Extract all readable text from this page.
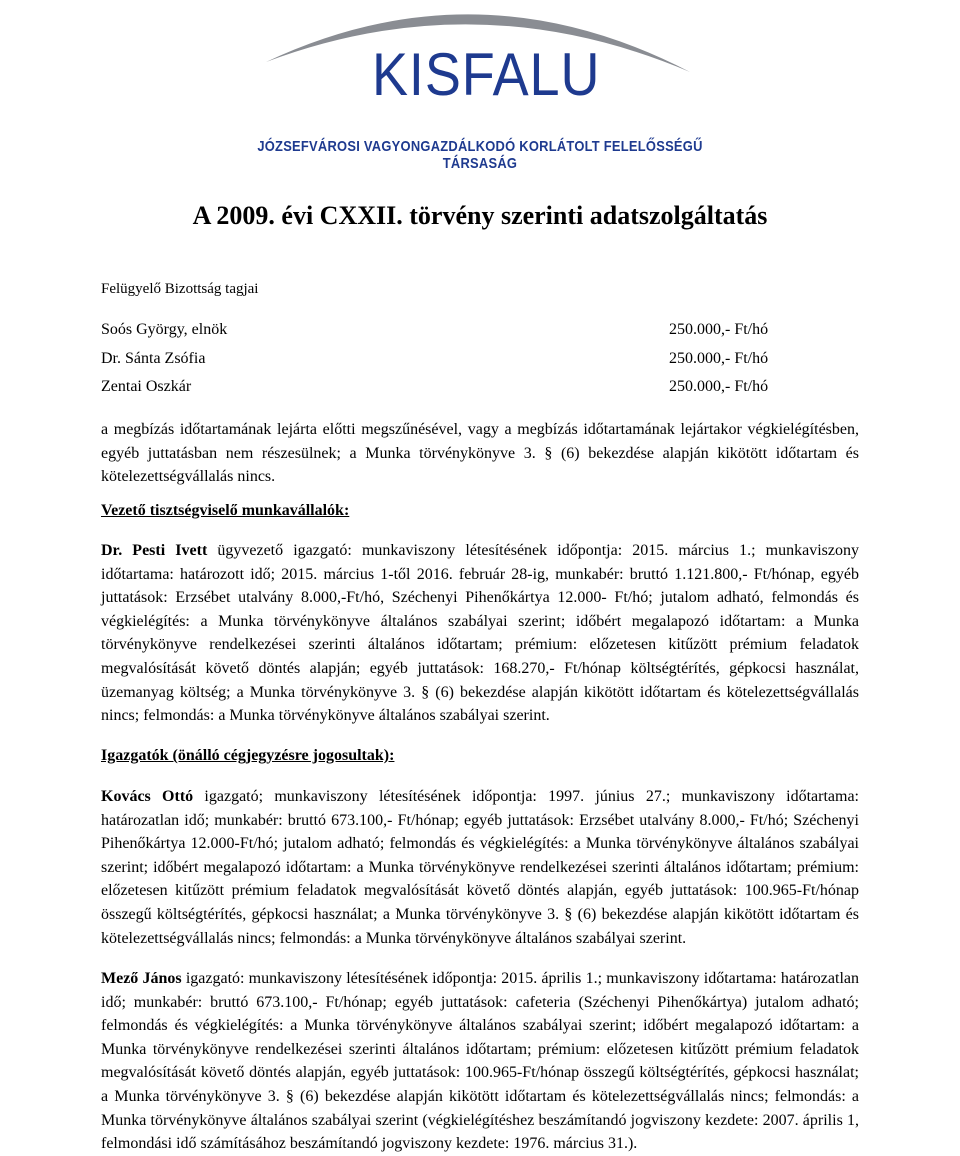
KISFALU
JÓZSEFVÁROSI VAGYONGAZDÁLKODÓ KORLÁTOLT FELELŐSSÉGŰ TÁRSASÁG
A 2009. évi CXXII. törvény szerinti adatszolgáltatás
Felügyelő Bizottság tagjai
Soós György, elnök	250.000,- Ft/hó
Dr. Sánta Zsófia	250.000,- Ft/hó
Zentai Oszkár	250.000,- Ft/hó
a megbízás időtartamának lejárta előtti megszűnésével, vagy a megbízás időtartamának lejártakor végkielégítésben, egyéb juttatásban nem részesülnek; a Munka törvénykönyve 3. § (6) bekezdése alapján kikötött időtartam és kötelezettségvállalás nincs.
Vezető tisztségviselő munkavállalók:
Dr. Pesti Ivett ügyvezető igazgató: munkaviszony létesítésének időpontja: 2015. március 1.; munkaviszony időtartama: határozott idő; 2015. március 1-től 2016. február 28-ig, munkabér: bruttó 1.121.800,- Ft/hónap, egyéb juttatások: Erzsébet utalvány 8.000,-Ft/hó, Széchenyi Pihenőkártya 12.000- Ft/hó; jutalom adható, felmondás és végkielégítés: a Munka törvénykönyve általános szabályai szerint; időbért megalapozó időtartam: a Munka törvénykönyve rendelkezései szerinti általános időtartam; prémium: előzetesen kitűzött prémium feladatok megvalósítását követő döntés alapján; egyéb juttatások: 168.270,- Ft/hónap költségtérítés, gépkocsi használat, üzemanyag költség; a Munka törvénykönyve 3. § (6) bekezdése alapján kikötött időtartam és kötelezettségvállalás nincs; felmondás: a Munka törvénykönyve általános szabályai szerint.
Igazgatók (önálló cégjegyzésre jogosultak):
Kovács Ottó igazgató; munkaviszony létesítésének időpontja: 1997. június 27.; munkaviszony időtartama: határozatlan idő; munkabér: bruttó 673.100,- Ft/hónap; egyéb juttatások: Erzsébet utalvány 8.000,- Ft/hó; Széchenyi Pihenőkártya 12.000-Ft/hó; jutalom adható; felmondás és végkielégítés: a Munka törvénykönyve általános szabályai szerint; időbért megalapozó időtartam: a Munka törvénykönyve rendelkezései szerinti általános időtartam; prémium: előzetesen kitűzött prémium feladatok megvalósítását követő döntés alapján, egyéb juttatások: 100.965-Ft/hónap összegű költségtérítés, gépkocsi használat; a Munka törvénykönyve 3. § (6) bekezdése alapján kikötött időtartam és kötelezettségvállalás nincs; felmondás: a Munka törvénykönyve általános szabályai szerint.
Mező János igazgató: munkaviszony létesítésének időpontja: 2015. április 1.; munkaviszony időtartama: határozatlan idő; munkabér: bruttó 673.100,- Ft/hónap; egyéb juttatások: cafeteria (Széchenyi Pihenőkártya) jutalom adható; felmondás és végkielégítés: a Munka törvénykönyve általános szabályai szerint; időbért megalapozó időtartam: a Munka törvénykönyve rendelkezései szerinti általános időtartam; prémium: előzetesen kitűzött prémium feladatok megvalósítását követő döntés alapján, egyéb juttatások: 100.965-Ft/hónap összegű költségtérítés, gépkocsi használat; a Munka törvénykönyve 3. § (6) bekezdése alapján kikötött időtartam és kötelezettségvállalás nincs; felmondás: a Munka törvénykönyve általános szabályai szerint (végkielégítéshez beszámítandó jogviszony kezdete: 2007. április 1, felmondási idő számításához beszámítandó jogviszony kezdete: 1976. március 31.).
